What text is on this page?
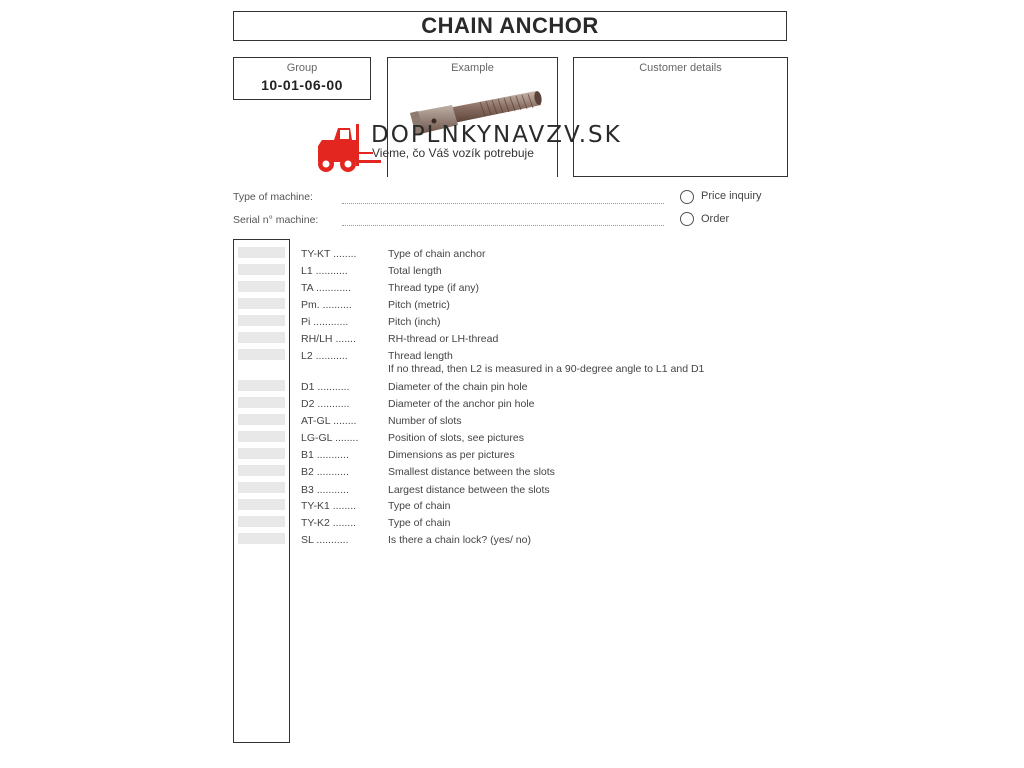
CHAIN ANCHOR
Group
10-01-06-00
Example	Customer details
DOPLNKYNAVZV.SK
Vieme, čo Váš vozík potrebuje
Type of machine:
Serial n° machine:
Price inquiry
Order
TY-KT ........	Type of chain anchor
L1 ...........	Total length
TA ............	Thread type (if any)
Pm. ..........	Pitch (metric)
Pi ............	Pitch (inch)
RH/LH .......	RH-thread or LH-thread
L2 ...........	Thread length
If no thread, then L2 is measured in a 90-degree angle to L1 and D1
D1 ...........	Diameter of the chain pin hole
D2 ...........	Diameter of the anchor pin hole
AT-GL ........	Number of slots
LG-GL ........	Position of slots, see pictures
B1 ...........	Dimensions as per pictures
B2 ...........	Smallest distance between the slots
B3 ...........	Largest distance between the slots
TY-K1 ........	Type of chain
TY-K2 ........	Type of chain
SL ...........	Is there a chain lock? (yes/ no)
